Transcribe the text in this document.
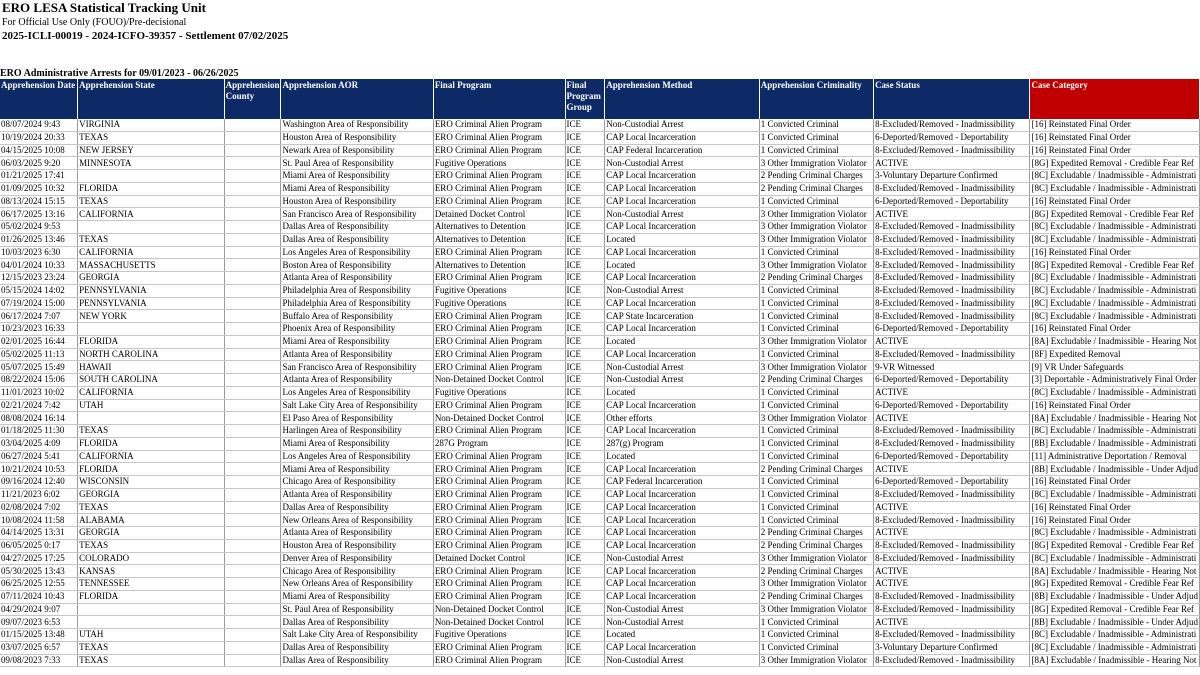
ERO LESA Statistical Tracking Unit
For Official Use Only (FOUO)/Pre-decisional
2025-ICLI-00019 - 2024-ICFO-39357 - Settlement 07/02/2025
ERO Administrative Arrests for 09/01/2023 - 06/26/2025
Apprehension Date	Apprehension State	Apprehension County	Apprehension AOR	Final Program	Final Program Group	Apprehension Method	Apprehension Criminality	Case Status	Case Category
08/07/2024 9:43	VIRGINIA		Washington Area of Responsibility	ERO Criminal Alien Program	ICE	Non-Custodial Arrest	1 Convicted Criminal	8-Excluded/Removed - Inadmissibility	[16] Reinstated Final Order
10/19/2024 20:33	TEXAS		Houston Area of Responsibility	ERO Criminal Alien Program	ICE	CAP Local Incarceration	1 Convicted Criminal	6-Deported/Removed - Deportability	[16] Reinstated Final Order
04/15/2025 10:08	NEW JERSEY		Newark Area of Responsibility	ERO Criminal Alien Program	ICE	CAP Federal Incarceration	1 Convicted Criminal	8-Excluded/Removed - Inadmissibility	[16] Reinstated Final Order
06/03/2025 9:20	MINNESOTA		St. Paul Area of Responsibility	Fugitive Operations	ICE	Non-Custodial Arrest	3 Other Immigration Violator	ACTIVE	[8G] Expedited Removal - Credible Fear Ref
01/21/2025 17:41			Miami Area of Responsibility	ERO Criminal Alien Program	ICE	CAP Local Incarceration	2 Pending Criminal Charges	3-Voluntary Departure Confirmed	[8C] Excludable / Inadmissible - Administrati
01/09/2025 10:32	FLORIDA		Miami Area of Responsibility	ERO Criminal Alien Program	ICE	CAP Local Incarceration	2 Pending Criminal Charges	8-Excluded/Removed - Inadmissibility	[8C] Excludable / Inadmissible - Administrati
08/13/2024 15:15	TEXAS		Houston Area of Responsibility	ERO Criminal Alien Program	ICE	CAP Local Incarceration	1 Convicted Criminal	6-Deported/Removed - Deportability	[16] Reinstated Final Order
06/17/2025 13:16	CALIFORNIA		San Francisco Area of Responsibility	Detained Docket Control	ICE	Non-Custodial Arrest	3 Other Immigration Violator	ACTIVE	[8G] Expedited Removal - Credible Fear Ref
05/02/2024 9:53			Dallas Area of Responsibility	Alternatives to Detention	ICE	CAP Local Incarceration	3 Other Immigration Violator	8-Excluded/Removed - Inadmissibility	[8C] Excludable / Inadmissible - Administrati
01/26/2025 13:46	TEXAS		Dallas Area of Responsibility	Alternatives to Detention	ICE	Located	3 Other Immigration Violator	8-Excluded/Removed - Inadmissibility	[8C] Excludable / Inadmissible - Administrati
10/03/2023 6:30	CALIFORNIA		Los Angeles Area of Responsibility	ERO Criminal Alien Program	ICE	CAP Local Incarceration	1 Convicted Criminal	8-Excluded/Removed - Inadmissibility	[16] Reinstated Final Order
04/01/2024 10:33	MASSACHUSETTS		Boston Area of Responsibility	Alternatives to Detention	ICE	Located	3 Other Immigration Violator	8-Excluded/Removed - Inadmissibility	[8G] Expedited Removal - Credible Fear Ref
12/15/2023 23:24	GEORGIA		Atlanta Area of Responsibility	ERO Criminal Alien Program	ICE	CAP Local Incarceration	2 Pending Criminal Charges	8-Excluded/Removed - Inadmissibility	[8C] Excludable / Inadmissible - Administrati
05/15/2024 14:02	PENNSYLVANIA		Philadelphia Area of Responsibility	Fugitive Operations	ICE	Non-Custodial Arrest	1 Convicted Criminal	8-Excluded/Removed - Inadmissibility	[8C] Excludable / Inadmissible - Administrati
07/19/2024 15:00	PENNSYLVANIA		Philadelphia Area of Responsibility	Fugitive Operations	ICE	CAP Local Incarceration	1 Convicted Criminal	8-Excluded/Removed - Inadmissibility	[8C] Excludable / Inadmissible - Administrati
06/17/2024 7:07	NEW YORK		Buffalo Area of Responsibility	ERO Criminal Alien Program	ICE	CAP State Incarceration	1 Convicted Criminal	8-Excluded/Removed - Inadmissibility	[8C] Excludable / Inadmissible - Administrati
10/23/2023 16:33			Phoenix Area of Responsibility	ERO Criminal Alien Program	ICE	CAP Local Incarceration	1 Convicted Criminal	6-Deported/Removed - Deportability	[16] Reinstated Final Order
02/01/2025 16:44	FLORIDA		Miami Area of Responsibility	ERO Criminal Alien Program	ICE	Located	3 Other Immigration Violator	ACTIVE	[8A] Excludable / Inadmissible - Hearing Not
05/02/2025 11:13	NORTH CAROLINA		Atlanta Area of Responsibility	ERO Criminal Alien Program	ICE	CAP Local Incarceration	1 Convicted Criminal	8-Excluded/Removed - Inadmissibility	[8F] Expedited Removal
05/07/2025 15:49	HAWAII		San Francisco Area of Responsibility	ERO Criminal Alien Program	ICE	Non-Custodial Arrest	3 Other Immigration Violator	9-VR Witnessed	[9] VR Under Safeguards
08/22/2024 15:06	SOUTH CAROLINA		Atlanta Area of Responsibility	Non-Detained Docket Control	ICE	Non-Custodial Arrest	2 Pending Criminal Charges	6-Deported/Removed - Deportability	[3] Deportable - Administratively Final Order
11/01/2023 10:02	CALIFORNIA		Los Angeles Area of Responsibility	Fugitive Operations	ICE	Located	1 Convicted Criminal	ACTIVE	[8C] Excludable / Inadmissible - Administrati
02/21/2024 7:42	UTAH		Salt Lake City Area of Responsibility	ERO Criminal Alien Program	ICE	CAP Local Incarceration	1 Convicted Criminal	6-Deported/Removed - Deportability	[16] Reinstated Final Order
08/08/2024 16:14			El Paso Area of Responsibility	Non-Detained Docket Control	ICE	Other efforts	3 Other Immigration Violator	ACTIVE	[8A] Excludable / Inadmissible - Hearing Not
01/18/2025 11:30	TEXAS		Harlingen Area of Responsibility	ERO Criminal Alien Program	ICE	CAP Local Incarceration	1 Convicted Criminal	8-Excluded/Removed - Inadmissibility	[8C] Excludable / Inadmissible - Administrati
03/04/2025 4:09	FLORIDA		Miami Area of Responsibility	287G Program	ICE	287(g) Program	1 Convicted Criminal	8-Excluded/Removed - Inadmissibility	[8B] Excludable / Inadmissible - Administrati
06/27/2024 5:41	CALIFORNIA		Los Angeles Area of Responsibility	ERO Criminal Alien Program	ICE	Located	1 Convicted Criminal	6-Deported/Removed - Deportability	[11] Administrative Deportation / Removal
10/21/2024 10:53	FLORIDA		Miami Area of Responsibility	ERO Criminal Alien Program	ICE	CAP Local Incarceration	2 Pending Criminal Charges	ACTIVE	[8B] Excludable / Inadmissible - Under Adjud
09/16/2024 12:40	WISCONSIN		Chicago Area of Responsibility	ERO Criminal Alien Program	ICE	CAP Federal Incarceration	1 Convicted Criminal	6-Deported/Removed - Deportability	[16] Reinstated Final Order
11/21/2023 6:02	GEORGIA		Atlanta Area of Responsibility	ERO Criminal Alien Program	ICE	CAP Local Incarceration	1 Convicted Criminal	8-Excluded/Removed - Inadmissibility	[8C] Excludable / Inadmissible - Administrati
02/08/2024 7:02	TEXAS		Dallas Area of Responsibility	ERO Criminal Alien Program	ICE	CAP Local Incarceration	1 Convicted Criminal	ACTIVE	[16] Reinstated Final Order
10/08/2024 11:58	ALABAMA		New Orleans Area of Responsibility	ERO Criminal Alien Program	ICE	CAP Local Incarceration	1 Convicted Criminal	8-Excluded/Removed - Inadmissibility	[16] Reinstated Final Order
04/14/2025 13:31	GEORGIA		Atlanta Area of Responsibility	ERO Criminal Alien Program	ICE	CAP Local Incarceration	2 Pending Criminal Charges	ACTIVE	[8C] Excludable / Inadmissible - Administrati
06/05/2025 0:17	TEXAS		Houston Area of Responsibility	ERO Criminal Alien Program	ICE	CAP Local Incarceration	2 Pending Criminal Charges	8-Excluded/Removed - Inadmissibility	[8G] Expedited Removal - Credible Fear Ref
04/27/2025 17:25	COLORADO		Denver Area of Responsibility	Detained Docket Control	ICE	Non-Custodial Arrest	3 Other Immigration Violator	8-Excluded/Removed - Inadmissibility	[8C] Excludable / Inadmissible - Administrati
05/30/2025 13:43	KANSAS		Chicago Area of Responsibility	ERO Criminal Alien Program	ICE	CAP Local Incarceration	2 Pending Criminal Charges	ACTIVE	[8A] Excludable / Inadmissible - Hearing Not
06/25/2025 12:55	TENNESSEE		New Orleans Area of Responsibility	ERO Criminal Alien Program	ICE	CAP Local Incarceration	3 Other Immigration Violator	ACTIVE	[8G] Expedited Removal - Credible Fear Ref
07/11/2024 10:43	FLORIDA		Miami Area of Responsibility	ERO Criminal Alien Program	ICE	CAP Local Incarceration	2 Pending Criminal Charges	8-Excluded/Removed - Inadmissibility	[8B] Excludable / Inadmissible - Under Adjud
04/29/2024 9:07			St. Paul Area of Responsibility	Non-Detained Docket Control	ICE	Non-Custodial Arrest	3 Other Immigration Violator	8-Excluded/Removed - Inadmissibility	[8G] Expedited Removal - Credible Fear Ref
09/07/2023 6:53			Dallas Area of Responsibility	Non-Detained Docket Control	ICE	Non-Custodial Arrest	1 Convicted Criminal	ACTIVE	[8B] Excludable / Inadmissible - Under Adjud
01/15/2025 13:48	UTAH		Salt Lake City Area of Responsibility	Fugitive Operations	ICE	Located	1 Convicted Criminal	8-Excluded/Removed - Inadmissibility	[8C] Excludable / Inadmissible - Administrati
03/07/2025 6:57	TEXAS		Dallas Area of Responsibility	ERO Criminal Alien Program	ICE	CAP Local Incarceration	1 Convicted Criminal	3-Voluntary Departure Confirmed	[8C] Excludable / Inadmissible - Administrati
09/08/2023 7:33	TEXAS		Dallas Area of Responsibility	ERO Criminal Alien Program	ICE	Non-Custodial Arrest	3 Other Immigration Violator	8-Excluded/Removed - Inadmissibility	[8A] Excludable / Inadmissible - Hearing Not
